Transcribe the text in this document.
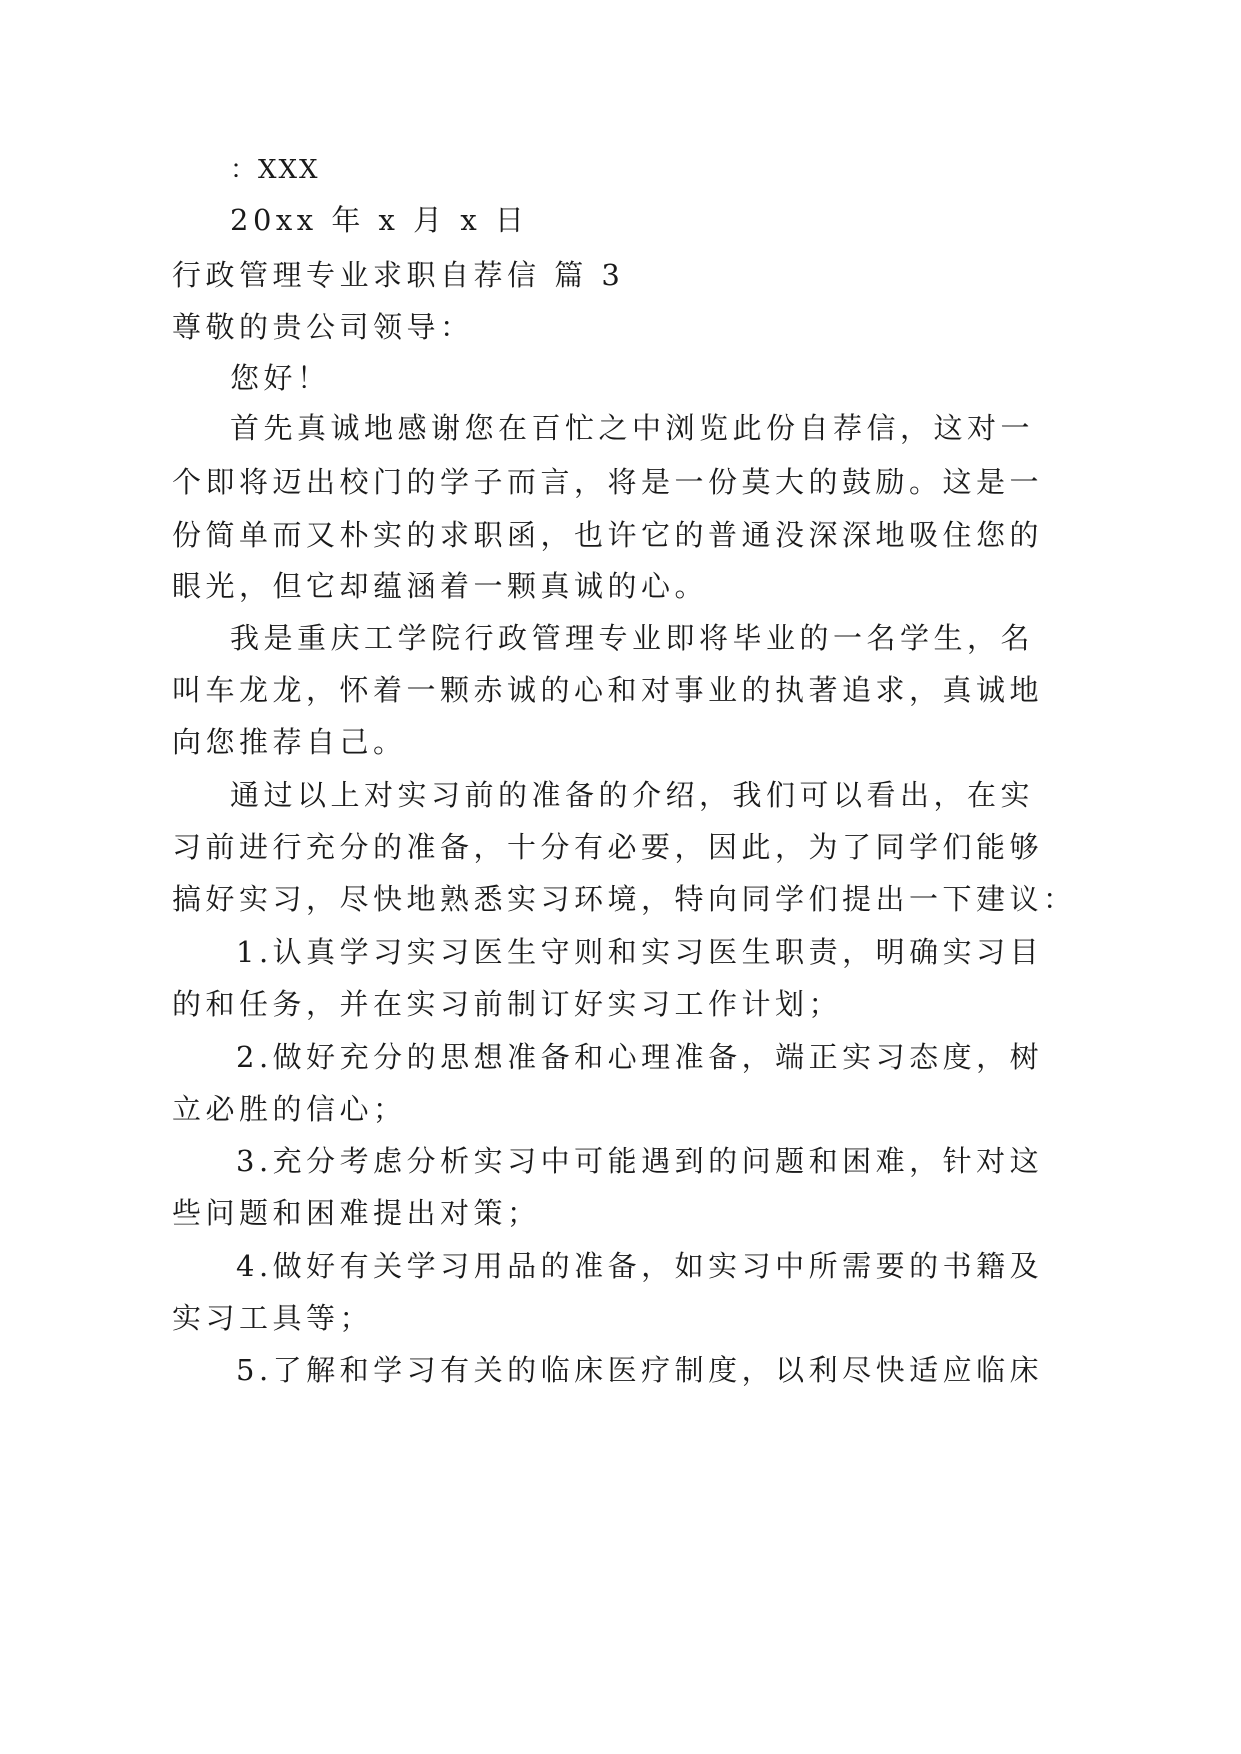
：XXX
20xx 年 x 月 x 日
行政管理专业求职自荐信 篇 3
尊敬的贵公司领导：
您好！
首先真诚地感谢您在百忙之中浏览此份自荐信，这对一
个即将迈出校门的学子而言，将是一份莫大的鼓励。这是一
份简单而又朴实的求职函，也许它的普通没深深地吸住您的
眼光，但它却蕴涵着一颗真诚的心。
我是重庆工学院行政管理专业即将毕业的一名学生，名
叫车龙龙，怀着一颗赤诚的心和对事业的执著追求，真诚地
向您推荐自己。
通过以上对实习前的准备的介绍，我们可以看出，在实
习前进行充分的准备，十分有必要，因此，为了同学们能够
搞好实习，尽快地熟悉实习环境，特向同学们提出一下建议：
1.认真学习实习医生守则和实习医生职责，明确实习目
的和任务，并在实习前制订好实习工作计划；
2.做好充分的思想准备和心理准备，端正实习态度，树
立必胜的信心；
3.充分考虑分析实习中可能遇到的问题和困难，针对这
些问题和困难提出对策；
4.做好有关学习用品的准备，如实习中所需要的书籍及
实习工具等；
5.了解和学习有关的临床医疗制度，以利尽快适应临床
